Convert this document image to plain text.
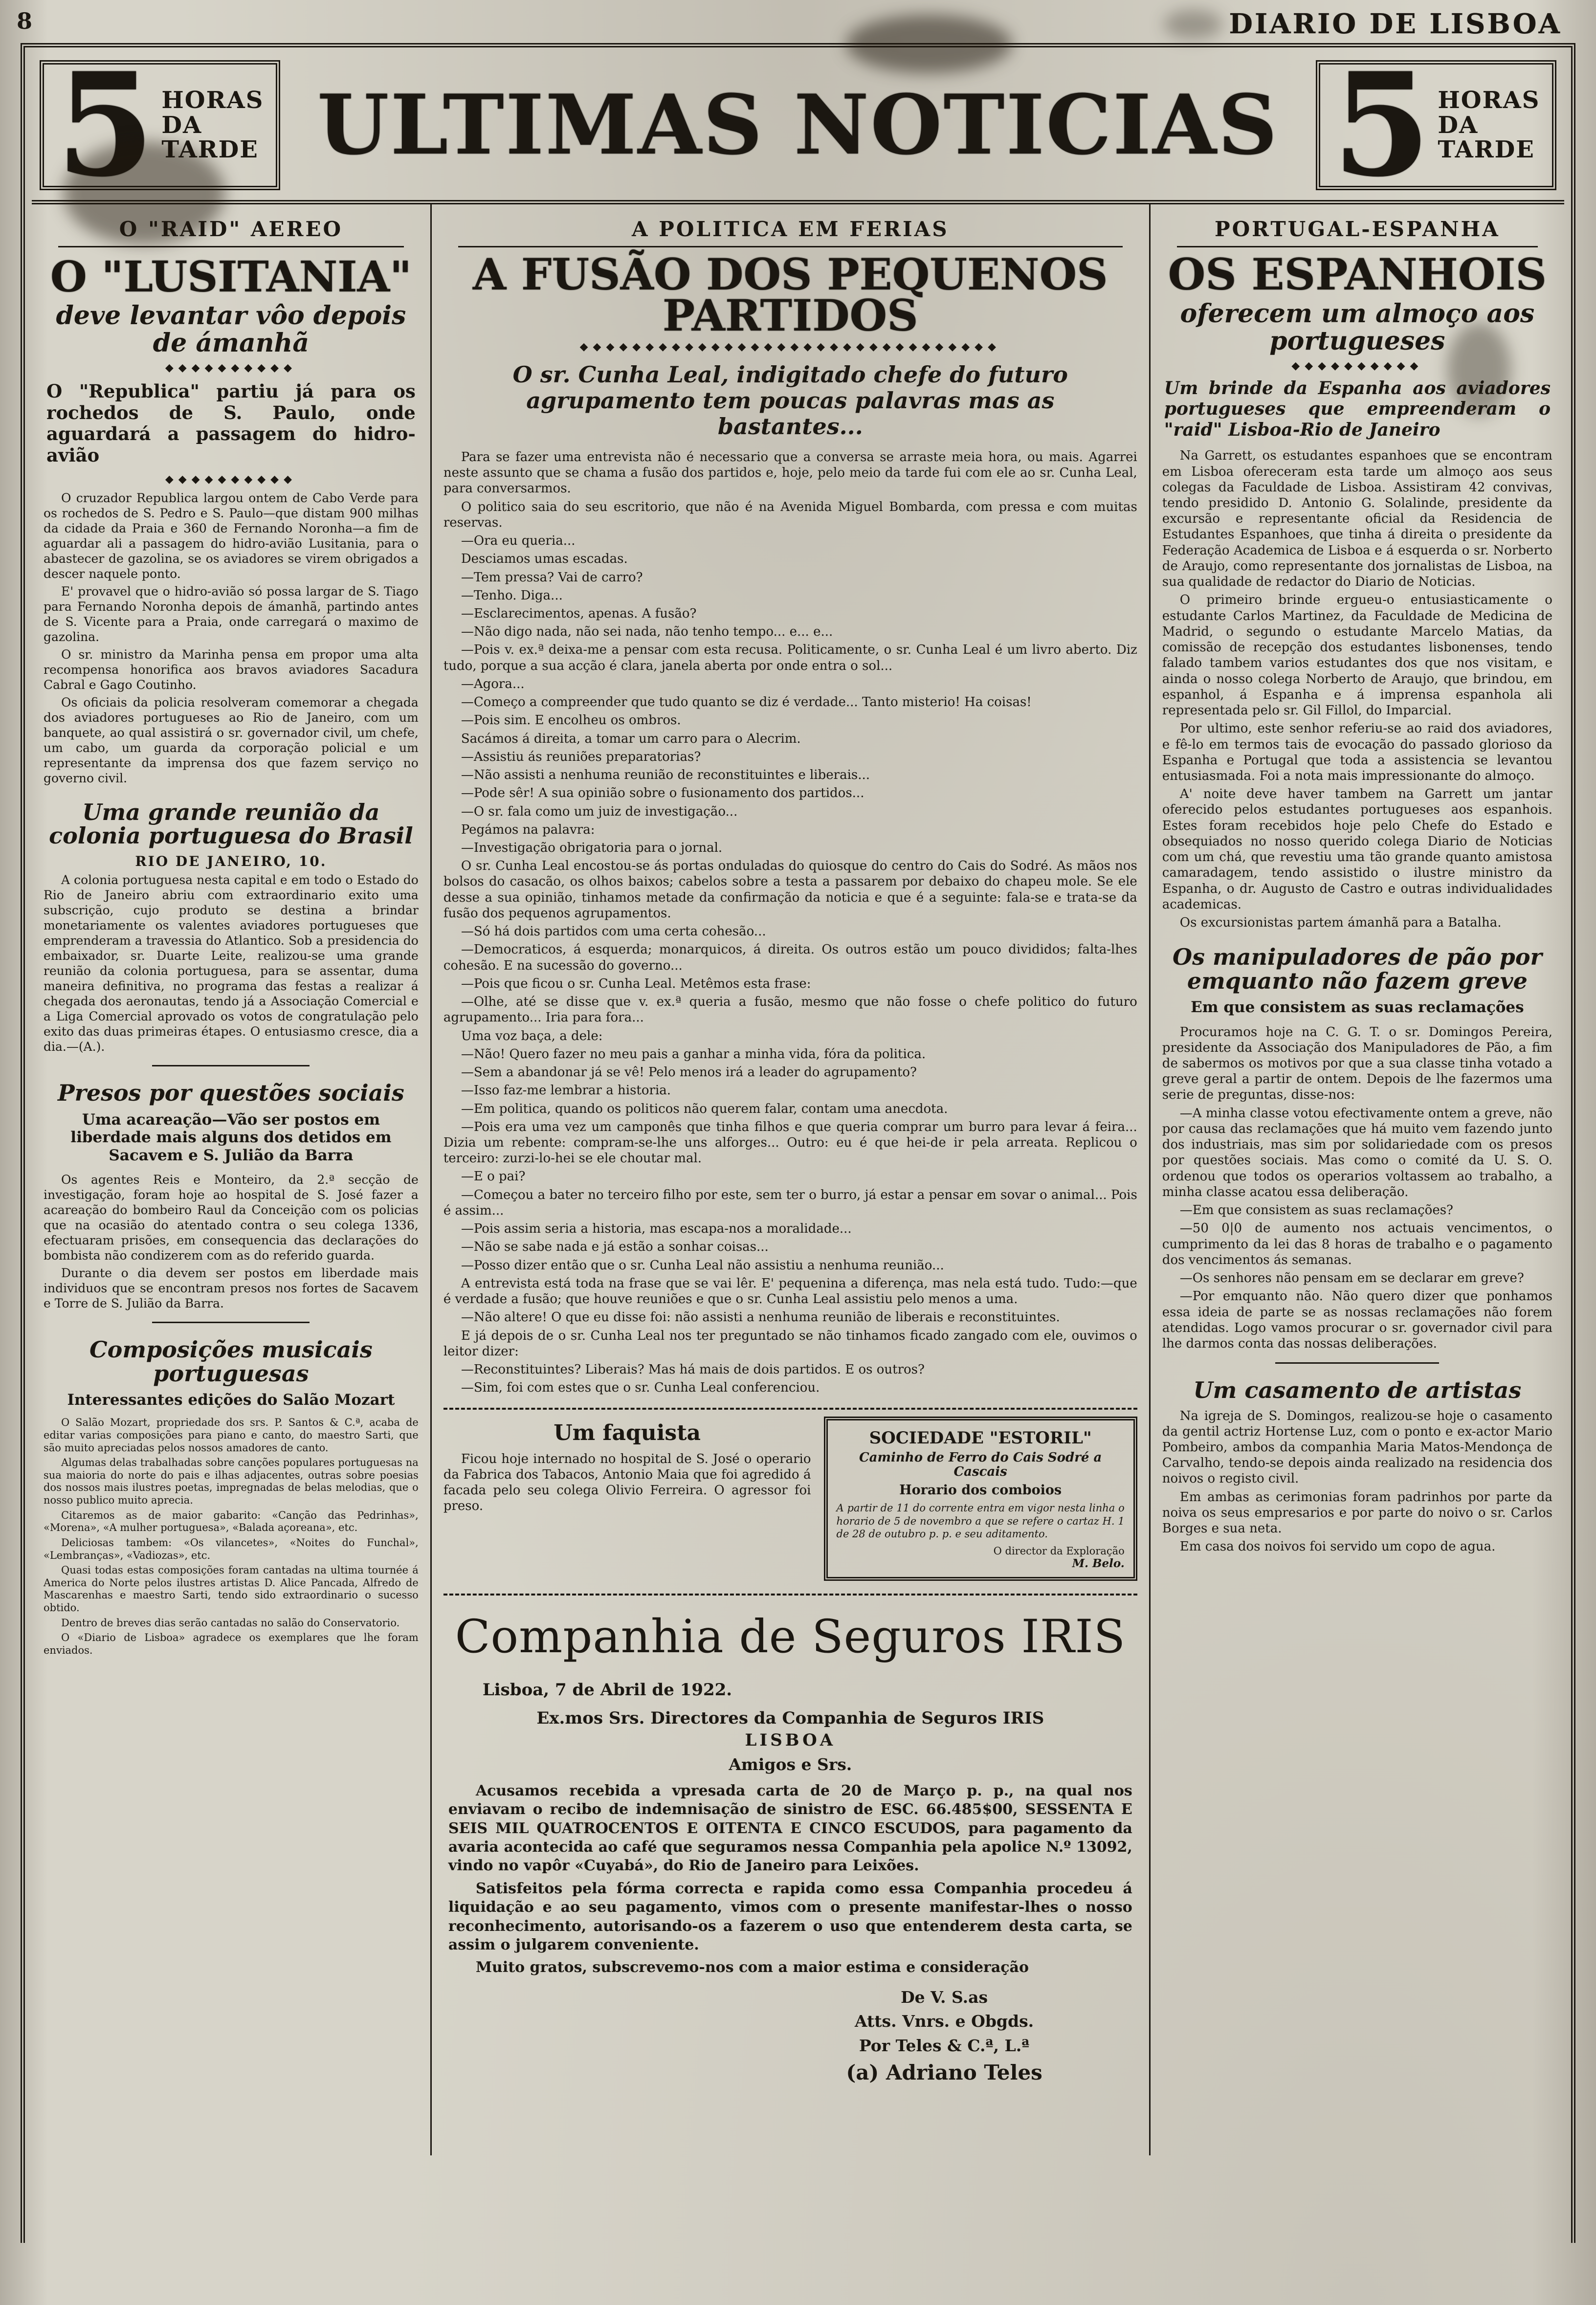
8	DIARIO DE LISBOA
5 HORAS
DA
TARDE ULTIMAS NOTICIAS 5 HORAS
DA
TARDE
O "RAID" AEREO
O "LUSITANIA"
deve levantar vôo depois de ámanhã
◆◆◆◆◆◆◆◆◆◆
O "Republica" partiu já para os rochedos de S. Paulo, onde aguardará a passagem do hidro-avião
◆◆◆◆◆◆◆◆◆◆

O cruzador Republica largou ontem de Cabo Verde para os rochedos de S. Pedro e S. Paulo—que distam 900 milhas da cidade da Praia e 360 de Fernando Noronha—a fim de aguardar ali a passagem do hidro-avião Lusitania, para o abastecer de gazolina, se os aviadores se virem obrigados a descer naquele ponto.

E' provavel que o hidro-avião só possa largar de S. Tiago para Fernando Noronha depois de ámanhã, partindo antes de S. Vicente para a Praia, onde carregará o maximo de gazolina.

O sr. ministro da Marinha pensa em propor uma alta recompensa honorifica aos bravos aviadores Sacadura Cabral e Gago Coutinho.

Os oficiais da policia resolveram comemorar a chegada dos aviadores portugueses ao Rio de Janeiro, com um banquete, ao qual assistirá o sr. governador civil, um chefe, um cabo, um guarda da corporação policial e um representante da imprensa dos que fazem serviço no governo civil.

Uma grande reunião da colonia portuguesa do Brasil
RIO DE JANEIRO, 10.

A colonia portuguesa nesta capital e em todo o Estado do Rio de Janeiro abriu com extraordinario exito uma subscrição, cujo produto se destina a brindar monetariamente os valentes aviadores portugueses que emprenderam a travessia do Atlantico. Sob a presidencia do embaixador, sr. Duarte Leite, realizou-se uma grande reunião da colonia portuguesa, para se assentar, duma maneira definitiva, no programa das festas a realizar á chegada dos aeronautas, tendo já a Associação Comercial e a Liga Comercial aprovado os votos de congratulação pelo exito das duas primeiras étapes. O entusiasmo cresce, dia a dia.—(A.).

Presos por questões sociais
Uma acareação—Vão ser postos em liberdade mais alguns dos detidos em Sacavem e S. Julião da Barra

Os agentes Reis e Monteiro, da 2.ª secção de investigação, foram hoje ao hospital de S. José fazer a acareação do bombeiro Raul da Conceição com os policias que na ocasião do atentado contra o seu colega 1336, efectuaram prisões, em consequencia das declarações do bombista não condizerem com as do referido guarda.

Durante o dia devem ser postos em liberdade mais individuos que se encontram presos nos fortes de Sacavem e Torre de S. Julião da Barra.

Composições musicais portuguesas
Interessantes edições do Salão Mozart

O Salão Mozart, propriedade dos srs. P. Santos & C.ª, acaba de editar varias composições para piano e canto, do maestro Sarti, que são muito apreciadas pelos nossos amadores de canto.

Algumas delas trabalhadas sobre canções populares portuguesas na sua maioria do norte do pais e ilhas adjacentes, outras sobre poesias dos nossos mais ilustres poetas, impregnadas de belas melodias, que o nosso publico muito aprecia.

Citaremos as de maior gabarito: «Canção das Pedrinhas», «Morena», «A mulher portuguesa», «Balada açoreana», etc.

Deliciosas tambem: «Os vilancetes», «Noites do Funchal», «Lembranças», «Vadiozas», etc.

Quasi todas estas composições foram cantadas na ultima tournée á America do Norte pelos ilustres artistas D. Alice Pancada, Alfredo de Mascarenhas e maestro Sarti, tendo sido extraordinario o sucesso obtido.

Dentro de breves dias serão cantadas no salão do Conservatorio.

O «Diario de Lisboa» agradece os exemplares que lhe foram enviados.

A POLITICA EM FERIAS
A FUSÃO DOS PEQUENOS PARTIDOS
◆◆◆◆◆◆◆◆◆◆◆◆◆◆◆◆◆◆◆◆◆◆◆◆◆◆◆◆◆◆◆◆
O sr. Cunha Leal, indigitado chefe do futuro agrupamento tem poucas palavras mas as bastantes...

Para se fazer uma entrevista não é necessario que a conversa se arraste meia hora, ou mais. Agarrei neste assunto que se chama a fusão dos partidos e, hoje, pelo meio da tarde fui com ele ao sr. Cunha Leal, para conversarmos.

O politico saia do seu escritorio, que não é na Avenida Miguel Bombarda, com pressa e com muitas reservas.

—Ora eu queria...

Desciamos umas escadas.

—Tem pressa? Vai de carro?

—Tenho. Diga...

—Esclarecimentos, apenas. A fusão?

—Não digo nada, não sei nada, não tenho tempo... e... e...

—Pois v. ex.ª deixa-me a pensar com esta recusa. Politicamente, o sr. Cunha Leal é um livro aberto. Diz tudo, porque a sua acção é clara, janela aberta por onde entra o sol...

—Agora...

—Começo a compreender que tudo quanto se diz é verdade... Tanto misterio! Ha coisas!

—Pois sim. E encolheu os ombros.

Sacámos á direita, a tomar um carro para o Alecrim.

—Assistiu ás reuniões preparatorias?

—Não assisti a nenhuma reunião de reconstituintes e liberais...

—Pode sêr! A sua opinião sobre o fusionamento dos partidos...

—O sr. fala como um juiz de investigação...

Pegámos na palavra:

—Investigação obrigatoria para o jornal.

O sr. Cunha Leal encostou-se ás portas onduladas do quiosque do centro do Cais do Sodré. As mãos nos bolsos do casacão, os olhos baixos; cabelos sobre a testa a passarem por debaixo do chapeu mole. Se ele desse a sua opinião, tinhamos metade da confirmação da noticia e que é a seguinte: fala-se e trata-se da fusão dos pequenos agrupamentos.

—Só há dois partidos com uma certa cohesão...

—Democraticos, á esquerda; monarquicos, á direita. Os outros estão um pouco divididos; falta-lhes cohesão. E na sucessão do governo...

—Pois que ficou o sr. Cunha Leal. Metêmos esta frase:

—Olhe, até se disse que v. ex.ª queria a fusão, mesmo que não fosse o chefe politico do futuro agrupamento... Iria para fora...

Uma voz baça, a dele:

—Não! Quero fazer no meu pais a ganhar a minha vida, fóra da politica.

—Sem a abandonar já se vê! Pelo menos irá a leader do agrupamento?

—Isso faz-me lembrar a historia.

—Em politica, quando os politicos não querem falar, contam uma anecdota.

—Pois era uma vez um camponês que tinha filhos e que queria comprar um burro para levar á feira... Dizia um rebente: compram-se-lhe uns alforges... Outro: eu é que hei-de ir pela arreata. Replicou o terceiro: zurzi-lo-hei se ele choutar mal.

—E o pai?

—Começou a bater no terceiro filho por este, sem ter o burro, já estar a pensar em sovar o animal... Pois é assim...

—Pois assim seria a historia, mas escapa-nos a moralidade...

—Não se sabe nada e já estão a sonhar coisas...

—Posso dizer então que o sr. Cunha Leal não assistiu a nenhuma reunião...

A entrevista está toda na frase que se vai lêr. E' pequenina a diferença, mas nela está tudo. Tudo:—que é verdade a fusão; que houve reuniões e que o sr. Cunha Leal assistiu pelo menos a uma.

—Não altere! O que eu disse foi: não assisti a nenhuma reunião de liberais e reconstituintes.

E já depois de o sr. Cunha Leal nos ter preguntado se não tinhamos ficado zangado com ele, ouvimos o leitor dizer:

—Reconstituintes? Liberais? Mas há mais de dois partidos. E os outros?

—Sim, foi com estes que o sr. Cunha Leal conferenciou.

Um faquista

Ficou hoje internado no hospital de S. José o operario da Fabrica dos Tabacos, Antonio Maia que foi agredido á facada pelo seu colega Olivio Ferreira. O agressor foi preso.

SOCIEDADE "ESTORIL"
Caminho de Ferro do Cais Sodré a Cascais
Horario dos comboios
A partir de 11 do corrente entra em vigor nesta linha o horario de 5 de novembro a que se refere o cartaz H. 1 de 28 de outubro p. p. e seu aditamento.
O director da Exploração
M. Belo.
Companhia de Seguros IRIS
Lisboa, 7 de Abril de 1922.
Ex.mos Srs. Directores da Companhia de Seguros IRIS
LISBOA
Amigos e Srs.

Acusamos recebida a vpresada carta de 20 de Março p. p., na qual nos enviavam o recibo de indemnisação de sinistro de ESC. 66.485$00, SESSENTA E SEIS MIL QUATROCENTOS E OITENTA E CINCO ESCUDOS, para pagamento da avaria acontecida ao café que seguramos nessa Companhia pela apolice N.º 13092, vindo no vapôr «Cuyabá», do Rio de Janeiro para Leixões.

Satisfeitos pela fórma correcta e rapida como essa Companhia procedeu á liquidação e ao seu pagamento, vimos com o presente manifestar-lhes o nosso reconhecimento, autorisando-os a fazerem o uso que entenderem desta carta, se assim o julgarem conveniente.

Muito gratos, subscrevemo-nos com a maior estima e consideração

De V. S.as
Atts. Vnrs. e Obgds.
Por Teles & C.ª, L.ª
(a) Adriano Teles
PORTUGAL-ESPANHA
OS ESPANHOIS
oferecem um almoço aos portugueses
◆◆◆◆◆◆◆◆◆◆
Um brinde da Espanha aos aviadores portugueses que empreenderam o "raid" Lisboa-Rio de Janeiro

Na Garrett, os estudantes espanhoes que se encontram em Lisboa ofereceram esta tarde um almoço aos seus colegas da Faculdade de Lisboa. Assistiram 42 convivas, tendo presidido D. Antonio G. Solalinde, presidente da excursão e representante oficial da Residencia de Estudantes Espanhoes, que tinha á direita o presidente da Federação Academica de Lisboa e á esquerda o sr. Norberto de Araujo, como representante dos jornalistas de Lisboa, na sua qualidade de redactor do Diario de Noticias.

O primeiro brinde ergueu-o entusiasticamente o estudante Carlos Martinez, da Faculdade de Medicina de Madrid, o segundo o estudante Marcelo Matias, da comissão de recepção dos estudantes lisbonenses, tendo falado tambem varios estudantes dos que nos visitam, e ainda o nosso colega Norberto de Araujo, que brindou, em espanhol, á Espanha e á imprensa espanhola ali representada pelo sr. Gil Fillol, do Imparcial.

Por ultimo, este senhor referiu-se ao raid dos aviadores, e fê-lo em termos tais de evocação do passado glorioso da Espanha e Portugal que toda a assistencia se levantou entusiasmada. Foi a nota mais impressionante do almoço.

A' noite deve haver tambem na Garrett um jantar oferecido pelos estudantes portugueses aos espanhois. Estes foram recebidos hoje pelo Chefe do Estado e obsequiados no nosso querido colega Diario de Noticias com um chá, que revestiu uma tão grande quanto amistosa camaradagem, tendo assistido o ilustre ministro da Espanha, o dr. Augusto de Castro e outras individualidades academicas.

Os excursionistas partem ámanhã para a Batalha.

Os manipuladores de pão por emquanto não fazem greve
Em que consistem as suas reclamações

Procuramos hoje na C. G. T. o sr. Domingos Pereira, presidente da Associação dos Manipuladores de Pão, a fim de sabermos os motivos por que a sua classe tinha votado a greve geral a partir de ontem. Depois de lhe fazermos uma serie de preguntas, disse-nos:

—A minha classe votou efectivamente ontem a greve, não por causa das reclamações que há muito vem fazendo junto dos industriais, mas sim por solidariedade com os presos por questões sociais. Mas como o comité da U. S. O. ordenou que todos os operarios voltassem ao trabalho, a minha classe acatou essa deliberação.

—Em que consistem as suas reclamações?

—50 0|0 de aumento nos actuais vencimentos, o cumprimento da lei das 8 horas de trabalho e o pagamento dos vencimentos ás semanas.

—Os senhores não pensam em se declarar em greve?

—Por emquanto não. Não quero dizer que ponhamos essa ideia de parte se as nossas reclamações não forem atendidas. Logo vamos procurar o sr. governador civil para lhe darmos conta das nossas deliberações.

Um casamento de artistas

Na igreja de S. Domingos, realizou-se hoje o casamento da gentil actriz Hortense Luz, com o ponto e ex-actor Mario Pombeiro, ambos da companhia Maria Matos-Mendonça de Carvalho, tendo-se depois ainda realizado na residencia dos noivos o registo civil.

Em ambas as cerimonias foram padrinhos por parte da noiva os seus empresarios e por parte do noivo o sr. Carlos Borges e sua neta.

Em casa dos noivos foi servido um copo de agua.
